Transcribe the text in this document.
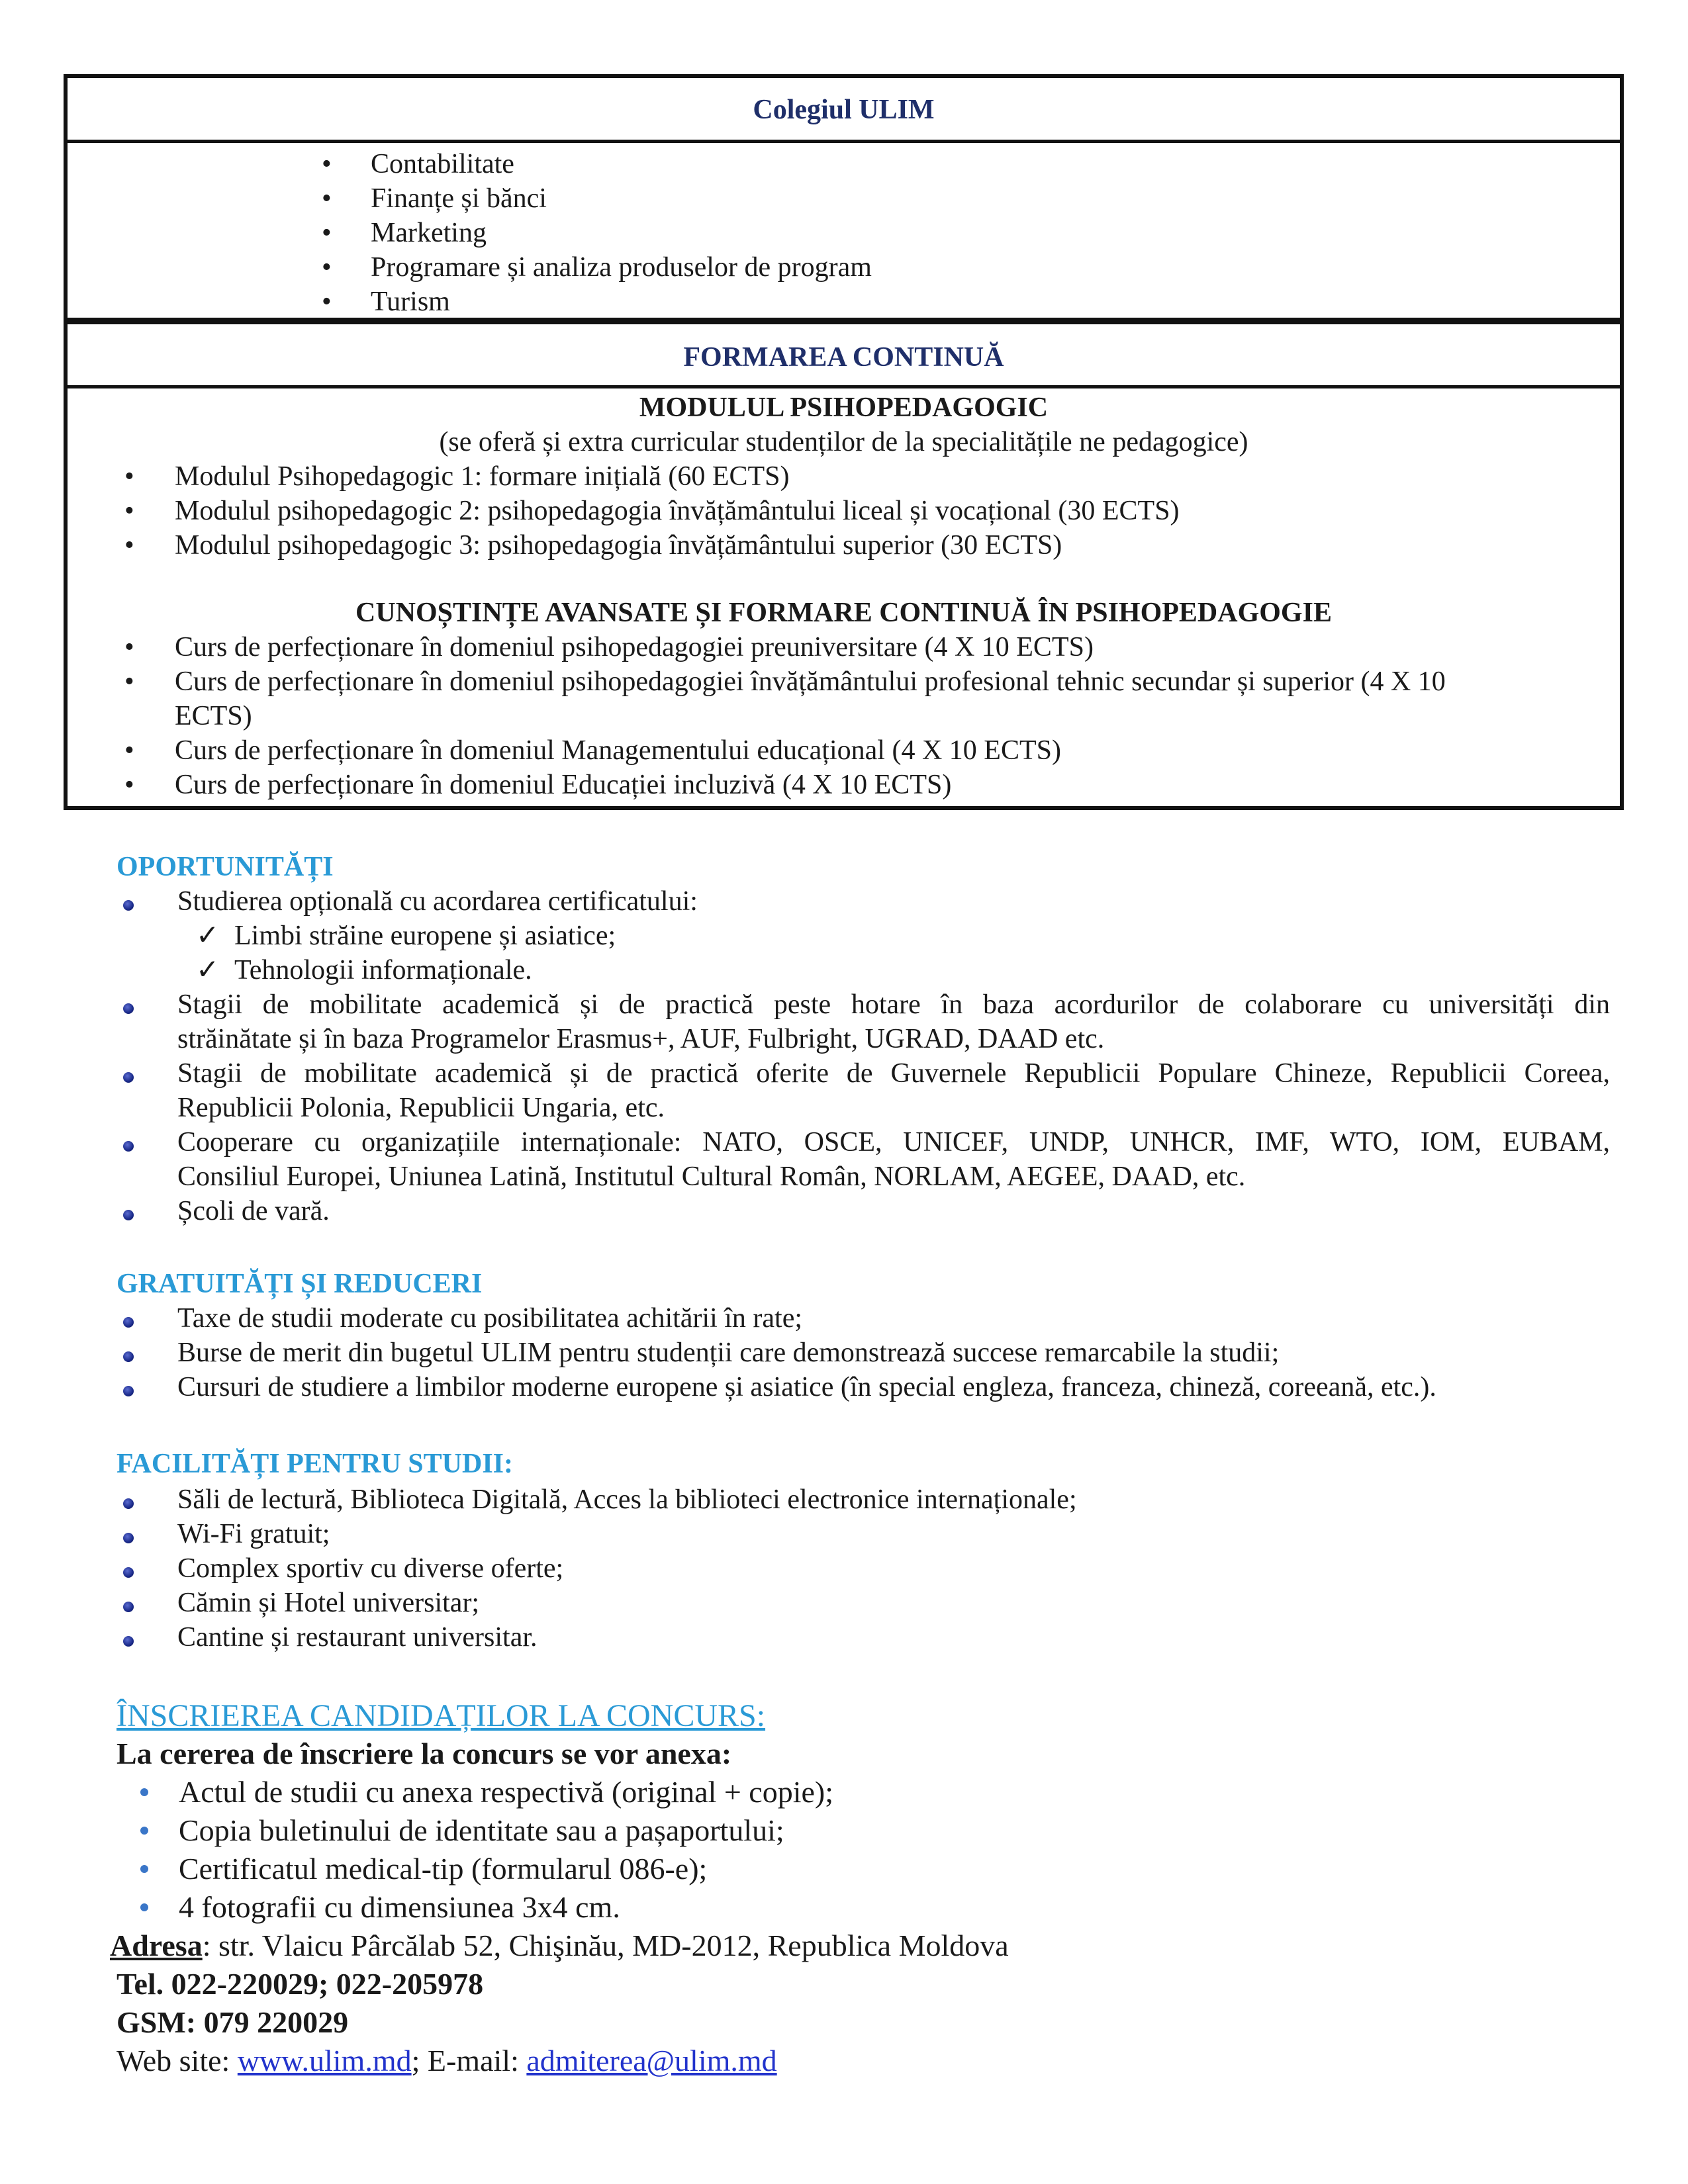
Colegiul ULIM
• Contabilitate
• Finanțe și bănci
• Marketing
• Programare și analiza produselor de program
• Turism
FORMAREA CONTINUĂ
MODULUL PSIHOPEDAGOGIC
(se oferă și extra curricular studenților de la specialitățile ne pedagogice)
• Modulul Psihopedagogic 1: formare inițială (60 ECTS)
• Modulul psihopedagogic 2: psihopedagogia învățământului liceal și vocațional (30 ECTS)
• Modulul psihopedagogic 3: psihopedagogia învățământului superior (30 ECTS)
CUNOȘTINȚE AVANSATE ȘI FORMARE CONTINUĂ ÎN PSIHOPEDAGOGIE
• Curs de perfecționare în domeniul psihopedagogiei preuniversitare (4 X 10 ECTS)
• Curs de perfecționare în domeniul psihopedagogiei învățământului profesional tehnic secundar și superior (4 X 10
ECTS)
• Curs de perfecționare în domeniul Managementului educațional (4 X 10 ECTS)
• Curs de perfecționare în domeniul Educației incluzivă (4 X 10 ECTS)
OPORTUNITĂȚI
Studierea opțională cu acordarea certificatului:
✓ Limbi străine europene și asiatice;
✓ Tehnologii informaționale.
Stagii de mobilitate academică și de practică peste hotare în baza acordurilor de colaborare cu universități din
străinătate și în baza Programelor Erasmus+, AUF, Fulbright, UGRAD, DAAD etc.
Stagii de mobilitate academică și de practică oferite de Guvernele Republicii Populare Chineze, Republicii Coreea,
Republicii Polonia, Republicii Ungaria, etc.
Cooperare cu organizațiile internaționale: NATO, OSCE, UNICEF, UNDP, UNHCR, IMF, WTO, IOM, EUBAM,
Consiliul Europei, Uniunea Latină, Institutul Cultural Român, NORLAM, AEGEE, DAAD, etc.
Școli de vară.
GRATUITĂȚI ȘI REDUCERI
Taxe de studii moderate cu posibilitatea achitării în rate;
Burse de merit din bugetul ULIM pentru studenții care demonstrează succese remarcabile la studii;
Cursuri de studiere a limbilor moderne europene și asiatice (în special engleza, franceza, chineză, coreeană, etc.).
FACILITĂȚI PENTRU STUDII:
Săli de lectură, Biblioteca Digitală, Acces la biblioteci electronice internaționale;
Wi-Fi gratuit;
Complex sportiv cu diverse oferte;
Cămin și Hotel universitar;
Cantine și restaurant universitar.
ÎNSCRIEREA CANDIDAȚILOR LA CONCURS:
La cererea de înscriere la concurs se vor anexa:
Actul de studii cu anexa respectivă (original + copie);
Copia buletinului de identitate sau a pașaportului;
Certificatul medical-tip (formularul 086-e);
4 fotografii cu dimensiunea 3x4 cm.
Adresa: str. Vlaicu Pârcălab 52, Chişinău, MD-2012, Republica Moldova
Tel. 022-220029; 022-205978
GSM: 079 220029
Web site: www.ulim.md; E-mail: admiterea@ulim.md
